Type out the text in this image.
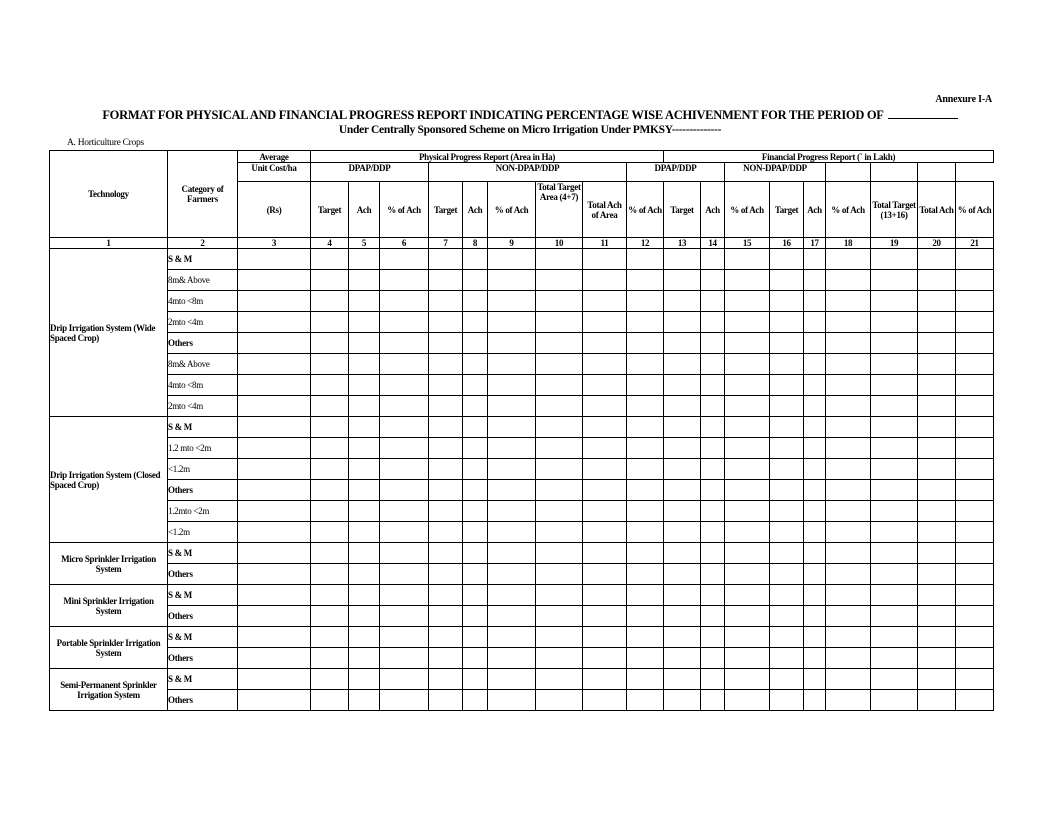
Annexure I-A
FORMAT FOR PHYSICAL AND FINANCIAL PROGRESS REPORT INDICATING PERCENTAGE WISE ACHIVENMENT FOR THE PERIOD OF
Under Centrally Sponsored Scheme on Micro Irrigation Under PMKSY--------------
A. Horticulture Crops
Technology	Category of Farmers	Average	Physical Progress Report (Area in Ha)									Financial Progress Report (` in Lakh)								
		Unit Cost/ha	DPAP/DDP			NON-DPAP/DDP					DPAP/DDP			NON-DPAP/DDP						
		(Rs)	Target	Ach	% of Ach	Target	Ach	% of Ach	Total Target Area (4+7)	Total Ach of Area	% of Ach	Target	Ach	% of Ach	Target	Ach	% of Ach	Total Target (13+16)	Total Ach	% of Ach
1	2	3	4	5	6	7	8	9	10	11	12	13	14	15	16	17	18	19	20	21
Drip Irrigation System (Wide Spaced Crop)	S & M																			
	8m& Above																			
	4mto <8m																			
	2mto <4m																			
	Others																			
	8m& Above																			
	4mto <8m																			
	2mto <4m																			
Drip Irrigation System (Closed Spaced Crop)	S & M																			
	1.2 mto <2m																			
	<1.2m																			
	Others																			
	1.2mto <2m																			
	<1.2m																			
Micro Sprinkler Irrigation System	S & M																			
	Others																			
Mini Sprinkler Irrigation System	S & M																			
	Others																			
Portable Sprinkler Irrigation System	S & M																			
	Others																			
Semi-Permanent Sprinkler Irrigation System	S & M																			
	Others																			
